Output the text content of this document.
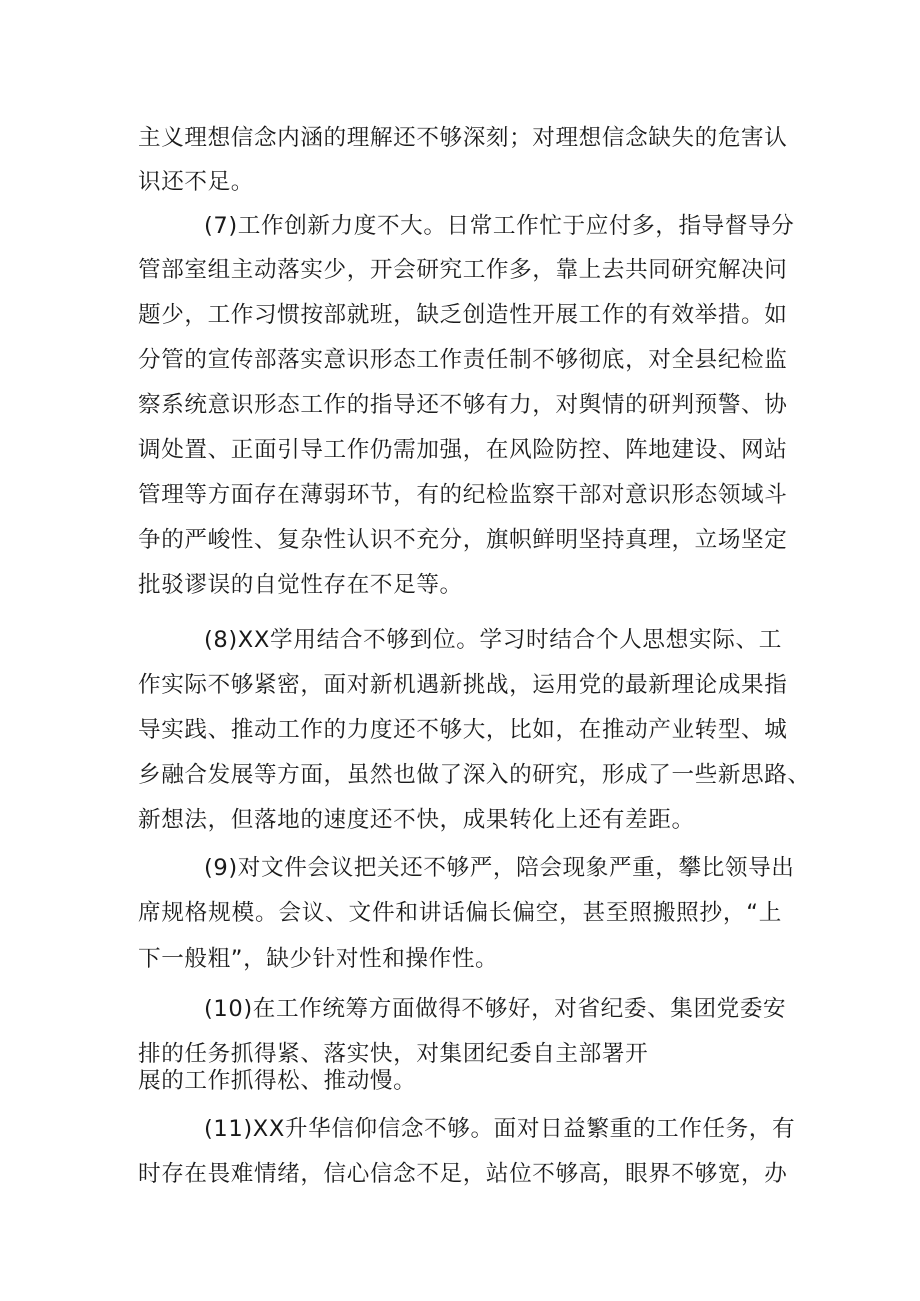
主义理想信念内涵的理解还不够深刻；对理想信念缺失的危害认
识还不足。
(7)工作创新力度不大。日常工作忙于应付多，指导督导分
管部室组主动落实少，开会研究工作多，靠上去共同研究解决问
题少，工作习惯按部就班，缺乏创造性开展工作的有效举措。如
分管的宣传部落实意识形态工作责任制不够彻底，对全县纪检监
察系统意识形态工作的指导还不够有力，对舆情的研判预警、协
调处置、正面引导工作仍需加强，在风险防控、阵地建设、网站
管理等方面存在薄弱环节，有的纪检监察干部对意识形态领域斗
争的严峻性、复杂性认识不充分，旗帜鲜明坚持真理，立场坚定
批驳谬误的自觉性存在不足等。
(8)XX学用结合不够到位。学习时结合个人思想实际、工
作实际不够紧密，面对新机遇新挑战，运用党的最新理论成果指
导实践、推动工作的力度还不够大，比如，在推动产业转型、城
乡融合发展等方面，虽然也做了深入的研究，形成了一些新思路、
新想法，但落地的速度还不快，成果转化上还有差距。
(9)对文件会议把关还不够严，陪会现象严重，攀比领导出
席规格规模。会议、文件和讲话偏长偏空，甚至照搬照抄，“上
下一般粗”，缺少针对性和操作性。
(10)在工作统筹方面做得不够好，对省纪委、集团党委安
排的任务抓得紧、落实快，对集团纪委自主部署开
展的工作抓得松、推动慢。
(11)XX升华信仰信念不够。面对日益繁重的工作任务，有
时存在畏难情绪，信心信念不足，站位不够高，眼界不够宽，办
